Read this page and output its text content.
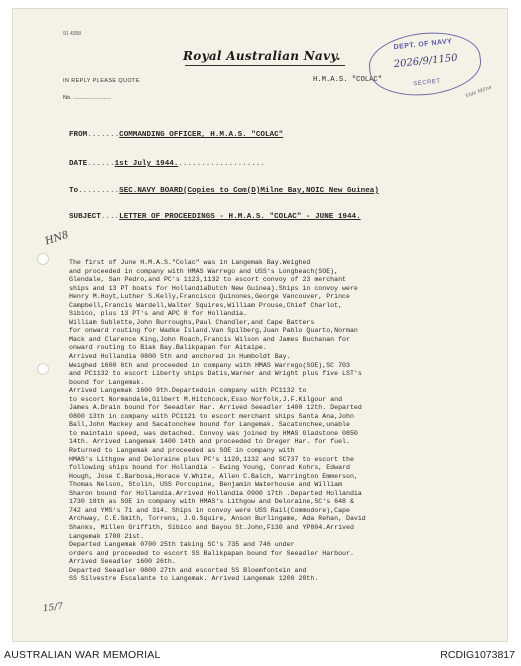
91 4358
Royal Australian Navy.
IN REPLY PLEASE QUOTE	H.M.A.S. "COLAC"
No. .........................
DEPT. OF NAVY
2026/9/1150
SECRET
Vide Milne
FROM.......COMMANDING OFFICER, H.M.A.S. "COLAC"
DATE......1st July 1944....................
To.........SEC.NAVY BOARD(Copies to Com(D)Milne Bay,NOIC New Guinea)
SUBJECT....LETTER OF PROCEEDINGS - H.M.A.S. "COLAC" - JUNE 1944.
HN8
The first of June H.M.A.S."Colac" was in Langemak Bay.Weighed
and proceeded in company with HMAS Warrego and USS's Longbeach(SOE),
Glendale, San Pedro,and PC's 1123,1132 to escort convoy of 23 merchant
ships and 13 PT boats for HollandiaDutch New Guinea).Ships in convoy were
Henry M.Hoyt,Luther S.Kelly,Francisco Quinones,George Vancouver, Prince
Campbell,Francis Wardell,Walter Squires,William Prouse,Chief Charlot,
Sibico, plus 13 PT's and APC 8 for Hollandia.
William Sublette,John Burroughs,Paul Chandler,and Cape Batters
for onward routing for Wadke Island.Van Spilberg,Juan Pablo Quarto,Norman
Mack and Clarence King,John Roach,Francis Wilson and James Buchanan for
onward routing to Biak Bay.Balikpapan for Aitaipe.
Arrived Hollandia 0800 5th and anchored in Humboldt Bay.
Weighed 1600 6th and proceeded in company with HMAS Warrego(SOE),SC 703
and PC1132 to escort Liberty ships Datis,Warner and Wright plus five LST's
bound for Langemak.
Arrived Langemak 1600 9th.Departedoin company with PC1132 to
to escort Normandale,Gilbert M.Hitchcock,Esso Norfolk,J.F.Kilgour and
James A.Drain bound for Seeadler Har. Arrived Seeadler 1400 12th. Departed
0800 13th in company with PC1121 to escort merchant ships Santa Ana,John
Ball,John Mackey and Sacatonchee bound for Langemak. Sacatonchee,unable
to maintain speed, was detached. Convoy was joined by HMAS Gladstone 0850
14th. Arrived Langemak 1400 14th and proceeded to Dreger Har. for fuel.
Returned to Langemak and proceeded as SOE in company with
HMAS's Lithgow and Deloraine plus PC's 1120,1132 and SC737 to escort the
following ships bound for Hollandia - Ewing Young, Conrad Kohrs, Edward
Hough, Jose C.Barbosa,Horace V.White, Allen C.Balch, Warrington Emmerson,
Thomas Nelson, Stolin, USS Porcupine, Benjamin Waterhouse and William
Sharon bound for Hollandia.Arrived Hollandia 0900 17th .Departed Hollandia
1730 18th as SOE in company with HMAS's Lithgow and Deloraine,SC's 648 &
742 and YMS's 71 and 314. Ships in convoy were USS Rail(Commodore),Cape
Archway, C.E.Smith, Torrens, J.G.Squire, Anson Burlingame, Ada Rehan, David
Shanks, Millen Griffith, Sibico and Bayou St.John,F130 and YP804.Arrived
Langemak 1700 21st.
Departed Langemak 0700 25th taking SC's 735 and 746 under
orders and proceeded to escort SS Balikpapan bound for Seeadler Harbour.
Arrived Seeadler 1600 26th.
Departed Seeadler 0800 27th and escorted SS Bloemfontein and
SS Silvestre Escalante to Langemak. Arrived Langemak 1200 28th.
15/7
AUSTRALIAN WAR MEMORIAL	RCDIG1073817
